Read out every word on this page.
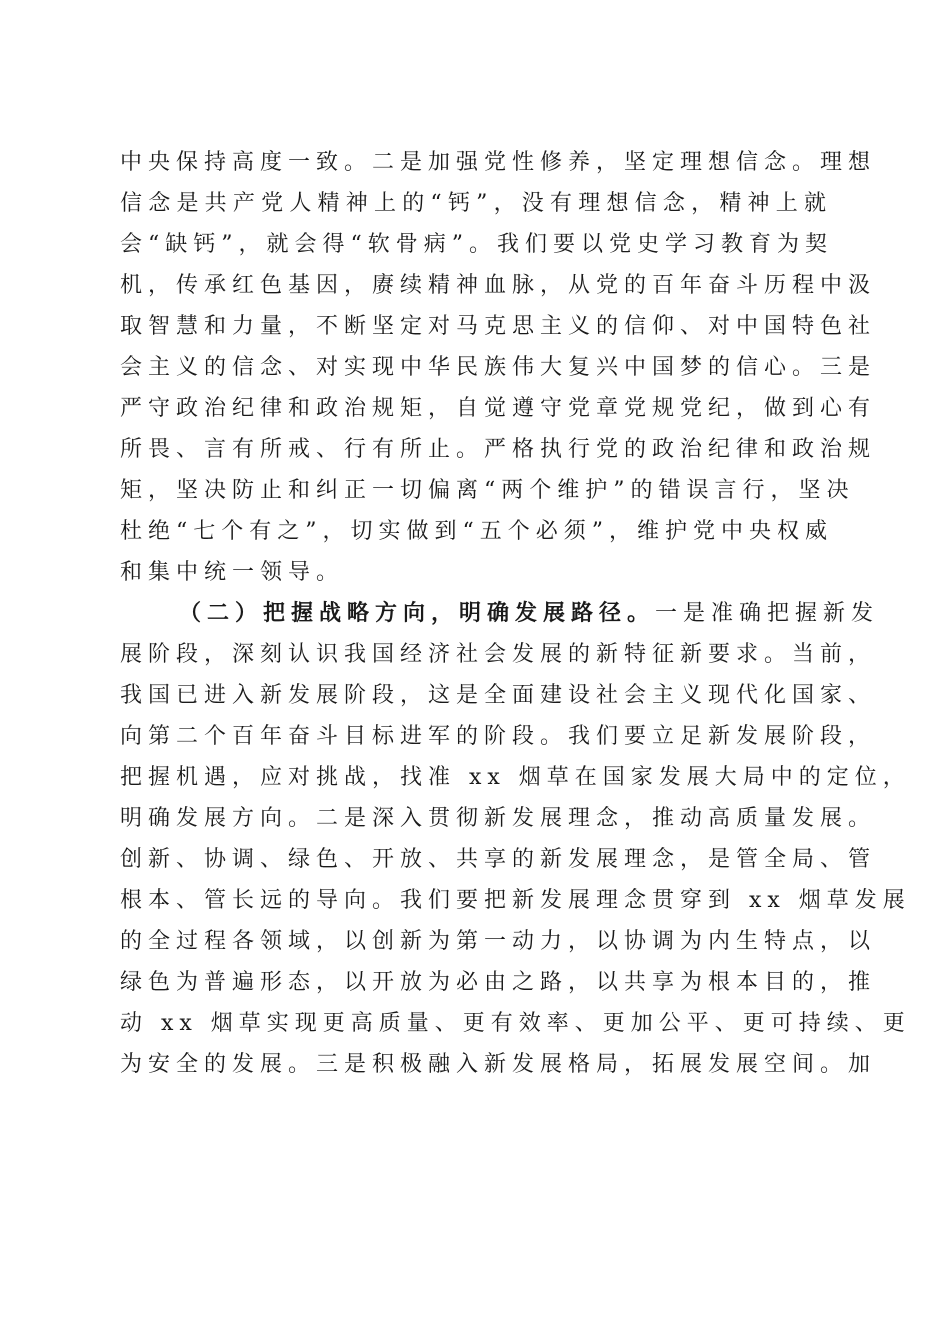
中央保持高度一致。二是加强党性修养，坚定理想信念。理想
信念是共产党人精神上的“钙”，没有理想信念，精神上就
会“缺钙”，就会得“软骨病”。我们要以党史学习教育为契
机，传承红色基因，赓续精神血脉，从党的百年奋斗历程中汲
取智慧和力量，不断坚定对马克思主义的信仰、对中国特色社
会主义的信念、对实现中华民族伟大复兴中国梦的信心。三是
严守政治纪律和政治规矩，自觉遵守党章党规党纪，做到心有
所畏、言有所戒、行有所止。严格执行党的政治纪律和政治规
矩，坚决防止和纠正一切偏离“两个维护”的错误言行，坚决
杜绝“七个有之”，切实做到“五个必须”，维护党中央权威
和集中统一领导。
（二）把握战略方向，明确发展路径。一是准确把握新发
展阶段，深刻认识我国经济社会发展的新特征新要求。当前，
我国已进入新发展阶段，这是全面建设社会主义现代化国家、
向第二个百年奋斗目标进军的阶段。我们要立足新发展阶段，
把握机遇，应对挑战，找准 xx 烟草在国家发展大局中的定位，
明确发展方向。二是深入贯彻新发展理念，推动高质量发展。
创新、协调、绿色、开放、共享的新发展理念，是管全局、管
根本、管长远的导向。我们要把新发展理念贯穿到 xx 烟草发展
的全过程各领域，以创新为第一动力，以协调为内生特点，以
绿色为普遍形态，以开放为必由之路，以共享为根本目的，推
动 xx 烟草实现更高质量、更有效率、更加公平、更可持续、更
为安全的发展。三是积极融入新发展格局，拓展发展空间。加
